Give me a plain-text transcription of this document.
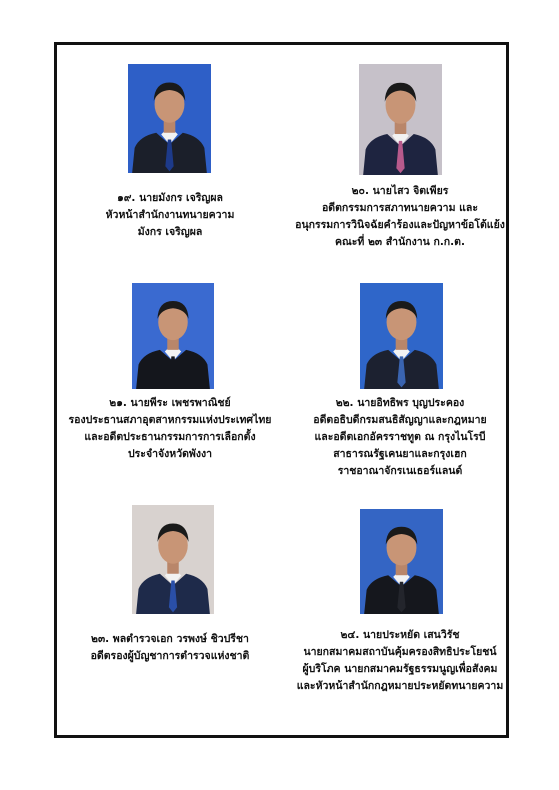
๑๙. นายมังกร เจริญผล
หัวหน้าสำนักงานทนายความ
มังกร เจริญผล
๒๐. นายไสว จิตเพียร
อดีตกรรมการสภาทนายความ และ
อนุกรรมการวินิจฉัยคำร้องและปัญหาข้อโต้แย้ง
คณะที่ ๒๓ สำนักงาน ก.ก.ต.
๒๑. นายพีระ เพชรพาณิชย์
รองประธานสภาอุตสาหกรรมแห่งประเทศไทย
และอดีตประธานกรรมการการเลือกตั้ง
ประจำจังหวัดพังงา
๒๒. นายอิทธิพร บุญประคอง
อดีตอธิบดีกรมสนธิสัญญาและกฎหมาย
และอดีตเอกอัครราชทูต ณ กรุงไนโรบี
สาธารณรัฐเคนยาและกรุงเฮก
ราชอาณาจักรเนเธอร์แลนด์
๒๓. พลตำรวจเอก วรพงษ์ ชิวปรีชา
อดีตรองผู้บัญชาการตำรวจแห่งชาติ
๒๔. นายประหยัด เสนวิรัช
นายกสมาคมสถาบันคุ้มครองสิทธิประโยชน์
ผู้บริโภค นายกสมาคมรัฐธรรมนูญเพื่อสังคม
และหัวหน้าสำนักกฎหมายประหยัดทนายความ
